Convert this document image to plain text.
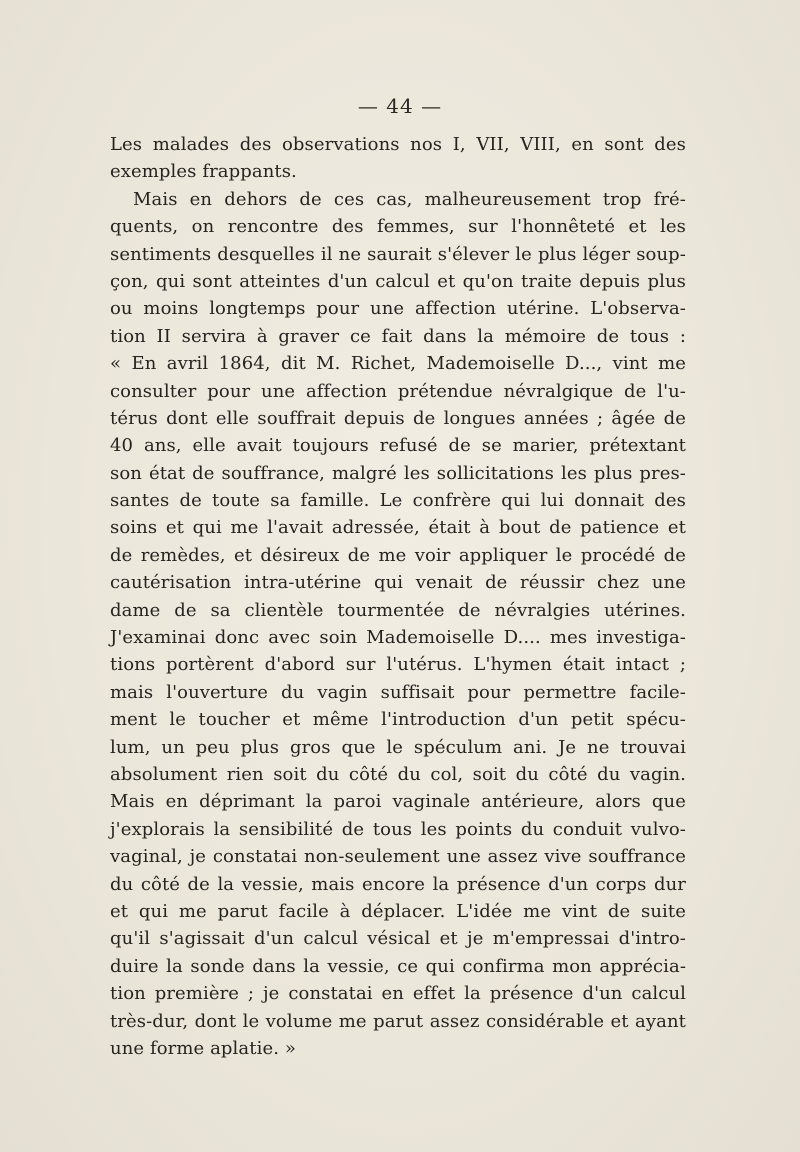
— 44 —
Les malades des observations nos I, VII, VIII, en sont des
exemples frappants.
Mais en dehors de ces cas, malheureusement trop fré-
quents, on rencontre des femmes, sur l'honnêteté et les
sentiments desquelles il ne saurait s'élever le plus léger soup-
çon, qui sont atteintes d'un calcul et qu'on traite depuis plus
ou moins longtemps pour une affection utérine. L'observa-
tion II servira à graver ce fait dans la mémoire de tous :
« En avril 1864, dit M. Richet, Mademoiselle D..., vint me
consulter pour une affection prétendue névralgique de l'u-
térus dont elle souffrait depuis de longues années ; âgée de
40 ans, elle avait toujours refusé de se marier, prétextant
son état de souffrance, malgré les sollicitations les plus pres-
santes de toute sa famille. Le confrère qui lui donnait des
soins et qui me l'avait adressée, était à bout de patience et
de remèdes, et désireux de me voir appliquer le procédé de
cautérisation intra-utérine qui venait de réussir chez une
dame de sa clientèle tourmentée de névralgies utérines.
J'examinai donc avec soin Mademoiselle D.... mes investiga-
tions portèrent d'abord sur l'utérus. L'hymen était intact ;
mais l'ouverture du vagin suffisait pour permettre facile-
ment le toucher et même l'introduction d'un petit spécu-
lum, un peu plus gros que le spéculum ani. Je ne trouvai
absolument rien soit du côté du col, soit du côté du vagin.
Mais en déprimant la paroi vaginale antérieure, alors que
j'explorais la sensibilité de tous les points du conduit vulvo-
vaginal, je constatai non-seulement une assez vive souffrance
du côté de la vessie, mais encore la présence d'un corps dur
et qui me parut facile à déplacer. L'idée me vint de suite
qu'il s'agissait d'un calcul vésical et je m'empressai d'intro-
duire la sonde dans la vessie, ce qui confirma mon apprécia-
tion première ; je constatai en effet la présence d'un calcul
très-dur, dont le volume me parut assez considérable et ayant
une forme aplatie. »
